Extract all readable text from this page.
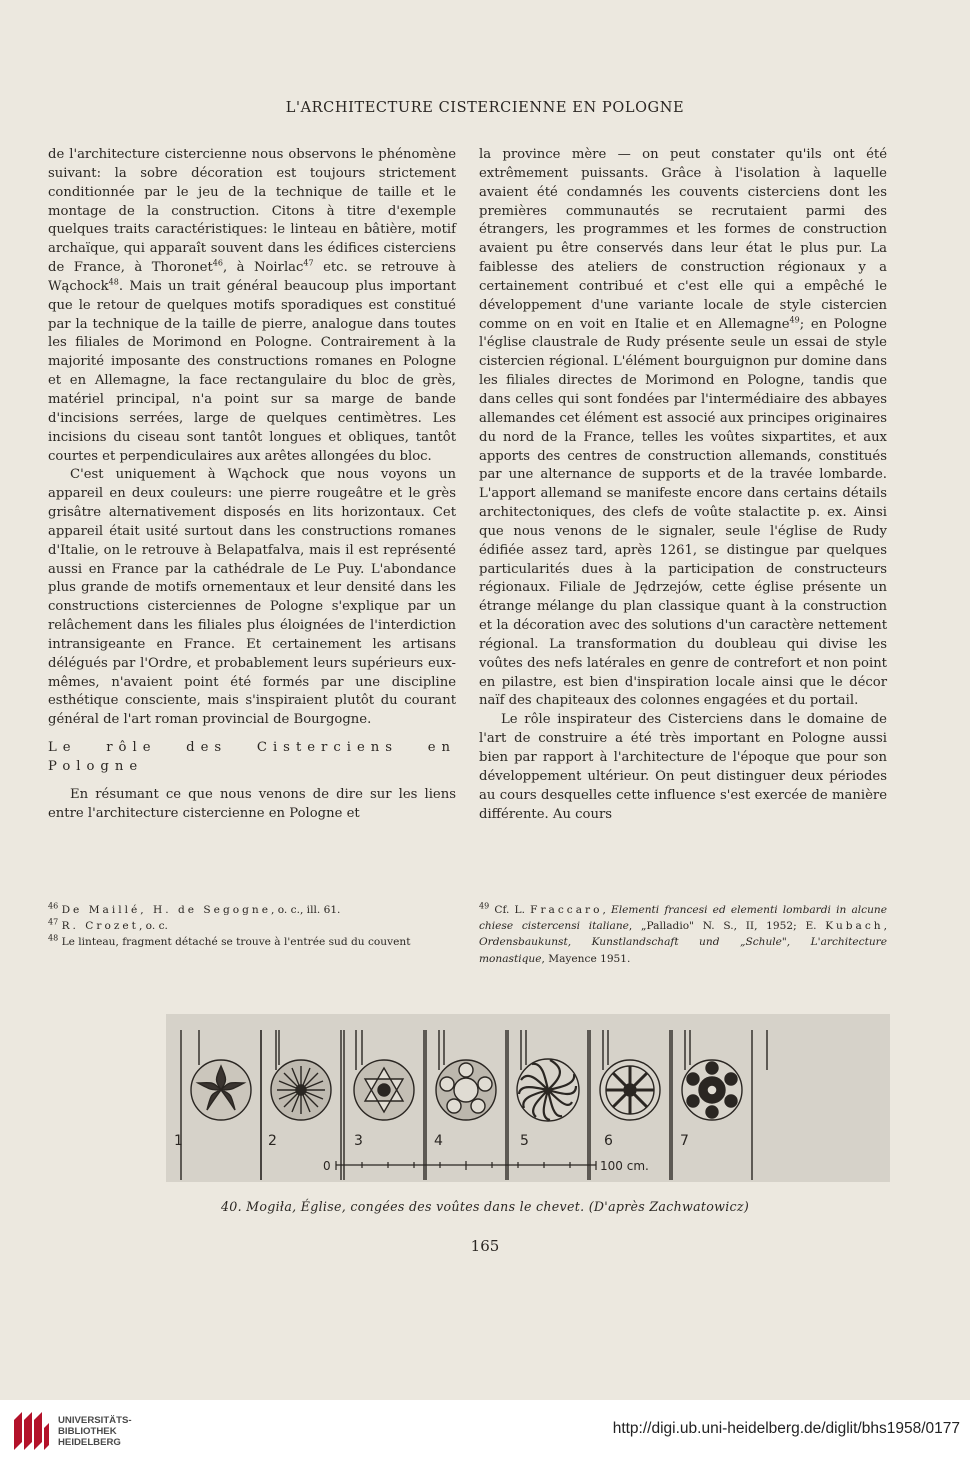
L'ARCHITECTURE CISTERCIENNE EN POLOGNE

de l'architecture cistercienne nous observons le phénomène suivant: la sobre décoration est toujours strictement conditionnée par le jeu de la technique de taille et le montage de la construction. Citons à titre d'exemple quelques traits caractéristiques: le linteau en bâtière, motif archaïque, qui apparaît souvent dans les édifices cisterciens de France, à Thoronet$^{46}$, à Noirlac$^{47}$ etc. se retrouve à Wąchock$^{48}$. Mais un trait général beaucoup plus important que le retour de quelques motifs sporadiques est constitué par la technique de la taille de pierre, analogue dans toutes les filiales de Morimond en Pologne. Contrairement à la majorité imposante des constructions romanes en Pologne et en Allemagne, la face rectangulaire du bloc de grès, matériel principal, n'a point sur sa marge de bande d'incisions serrées, large de quelques centimètres. Les incisions du ciseau sont tantôt longues et obliques, tantôt courtes et perpendiculaires aux arêtes allongées du bloc.

C'est uniquement à Wąchock que nous voyons un appareil en deux couleurs: une pierre rougeâtre et le grès grisâtre alternativement disposés en lits horizontaux. Cet appareil était usité surtout dans les constructions romanes d'Italie, on le retrouve à Belapatfalva, mais il est représenté aussi en France par la cathédrale de Le Puy. L'abondance plus grande de motifs ornementaux et leur densité dans les constructions cisterciennes de Pologne s'explique par un relâchement dans les filiales plus éloignées de l'interdiction intransigeante en France. Et certainement les artisans délégués par l'Ordre, et probablement leurs supérieurs eux-mêmes, n'avaient point été formés par une discipline esthétique consciente, mais s'inspiraient plutôt du courant général de l'art roman provincial de Bourgogne.

Le rôle des Cisterciens en Pologne

En résumant ce que nous venons de dire sur les liens entre l'architecture cistercienne en Pologne et

la province mère — on peut constater qu'ils ont été extrêmement puissants. Grâce à l'isolation à laquelle avaient été condamnés les couvents cisterciens dont les premières communautés se recrutaient parmi des étrangers, les programmes et les formes de construction avaient pu être conservés dans leur état le plus pur. La faiblesse des ateliers de construction régionaux y a certainement contribué et c'est elle qui a empêché le développement d'une variante locale de style cistercien comme on en voit en Italie et en Allemagne$^{49}$; en Pologne l'église claustrale de Rudy présente seule un essai de style cistercien régional. L'élément bourguignon pur domine dans les filiales directes de Morimond en Pologne, tandis que dans celles qui sont fondées par l'intermédiaire des abbayes allemandes cet élément est associé aux principes originaires du nord de la France, telles les voûtes sixpartites, et aux apports des centres de construction allemands, constitués par une alternance de supports et de la travée lombarde. L'apport allemand se manifeste encore dans certains détails architectoniques, des clefs de voûte stalactite p. ex. Ainsi que nous venons de le signaler, seule l'église de Rudy édifiée assez tard, après 1261, se distingue par quelques particularités dues à la participation de constructeurs régionaux. Filiale de Jędrzejów, cette église présente un étrange mélange du plan classique quant à la construction et la décoration avec des solutions d'un caractère nettement régional. La transformation du doubleau qui divise les voûtes des nefs latérales en genre de contrefort et non point en pilastre, est bien d'inspiration locale ainsi que le décor naïf des chapiteaux des colonnes engagées et du portail.

Le rôle inspirateur des Cisterciens dans le domaine de l'art de construire a été très important en Pologne aussi bien par rapport à l'architecture de l'époque que pour son développement ultérieur. On peut distinguer deux périodes au cours desquelles cette influence s'est exercée de manière différente. Au cours

$^{46}$ De Maillé, H. de Segogne, o. c., ill. 61.
$^{47}$ R. Crozet, o. c.
$^{48}$ Le linteau, fragment détaché se trouve à l'entrée sud du couvent
$^{49}$ Cf. L. Fraccaro, Elementi francesi ed elementi lombardi in alcune chiese cistercensi italiane, „Palladio" N. S., II, 1952; E. Kubach, Ordensbaukunst, Kunstlandschaft und „Schule", L'architecture monastique, Mayence 1951.
1	2	3	4	5	6	7
0	100 cm.
40. Mogiła, Église, congées des voûtes dans le chevet. (D'après Zachwatowicz)
165
UNIVERSITÄTS-
BIBLIOTHEK
HEIDELBERG
http://digi.ub.uni-heidelberg.de/diglit/bhs1958/0177
